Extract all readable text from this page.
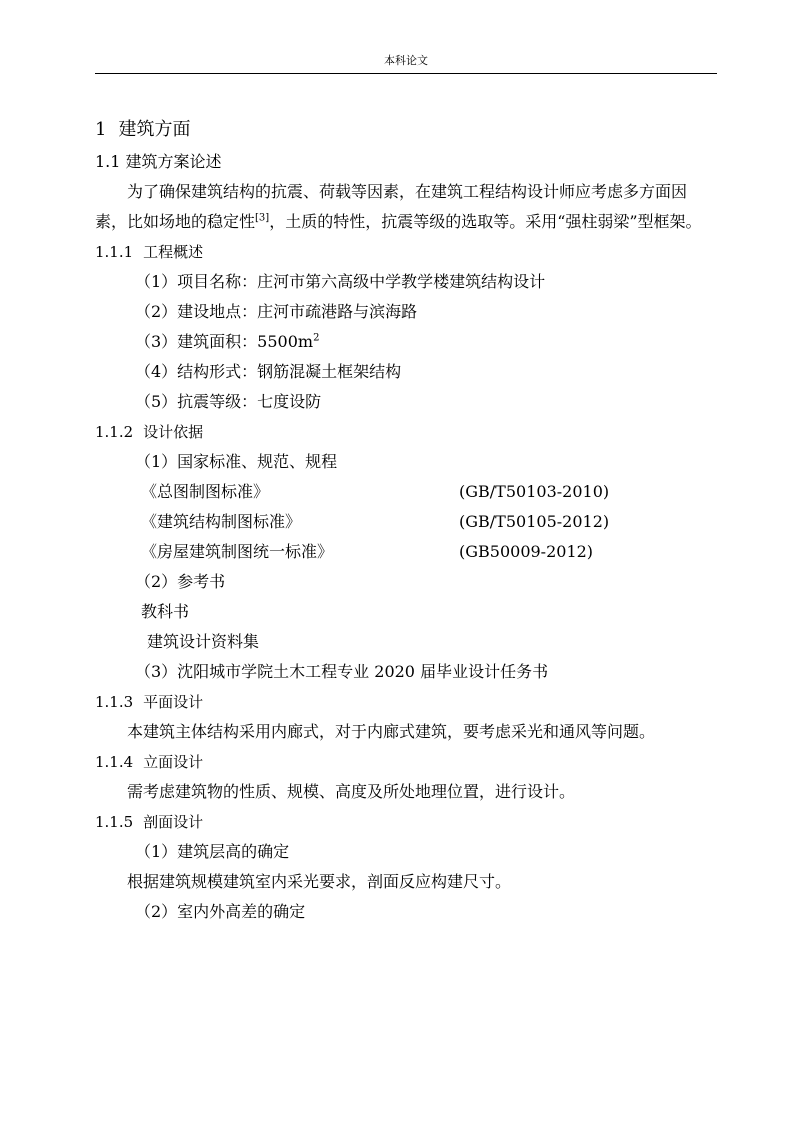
本科论文
1 建筑方面
1.1 建筑方案论述
为了确保建筑结构的抗震、荷载等因素，在建筑工程结构设计师应考虑多方面因素，比如场地的稳定性[3]，土质的特性，抗震等级的选取等。采用“强柱弱梁”型框架。
1.1.1 工程概述
（1）项目名称：庄河市第六高级中学教学楼建筑结构设计
（2）建设地点：庄河市疏港路与滨海路
（3）建筑面积：$5500m^2$
（4）结构形式：钢筋混凝土框架结构
（5）抗震等级：七度设防
1.1.2 设计依据
（1）国家标准、规范、规程
《总图制图标准》	(GB/T50103-2010)
《建筑结构制图标准》	(GB/T50105-2012)
《房屋建筑制图统一标准》	(GB50009-2012)
（2）参考书
教科书
建筑设计资料集
（3）沈阳城市学院土木工程专业 2020 届毕业设计任务书
1.1.3 平面设计
本建筑主体结构采用内廊式，对于内廊式建筑，要考虑采光和通风等问题。
1.1.4 立面设计
需考虑建筑物的性质、规模、高度及所处地理位置，进行设计。
1.1.5 剖面设计
（1）建筑层高的确定
根据建筑规模建筑室内采光要求，剖面反应构建尺寸。
（2）室内外高差的确定
